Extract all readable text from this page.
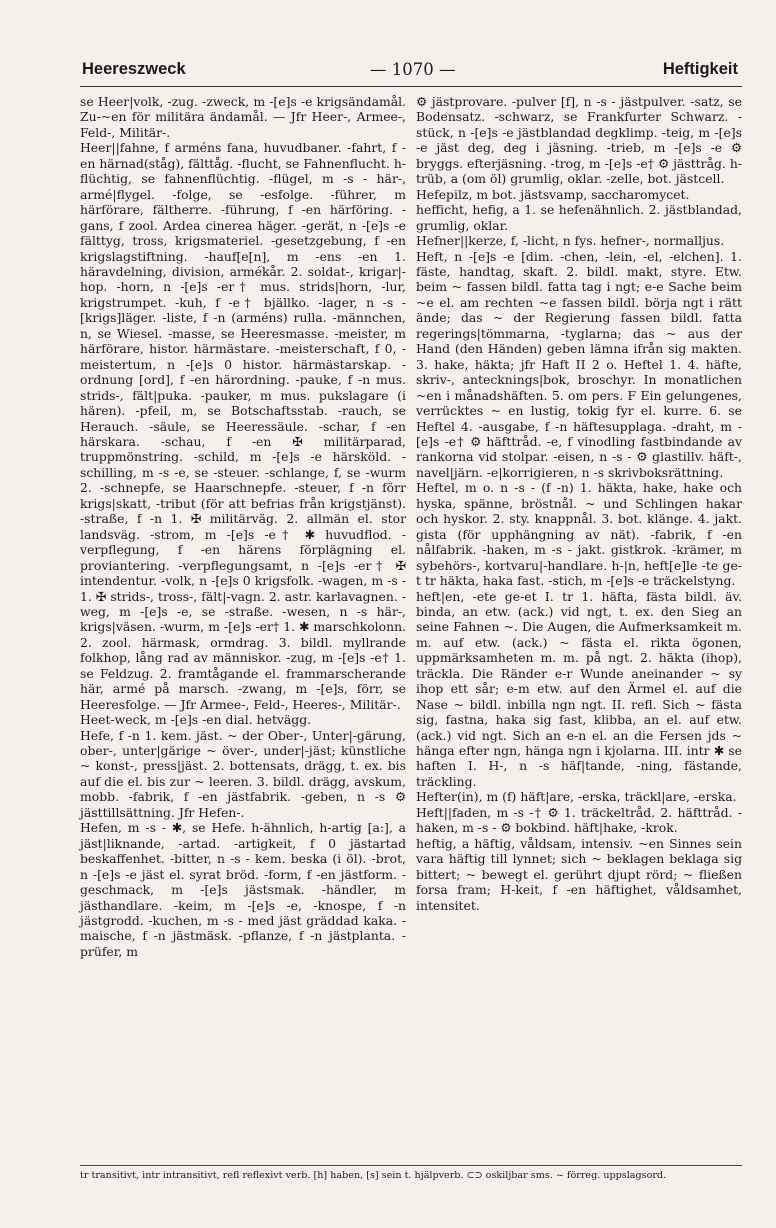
Heereszweck	— 1070 —	Heftigkeit

se Heer|volk, -zug. -zweck, m -[e]s -e krigsändamål. Zu-~en för militära ändamål. — Jfr Heer-, Armee-, Feld-, Militär-.

Heer||fahne, f arméns fana, huvudbaner. -fahrt, f -en härnad(ståg), fälttåg. -flucht, se Fahnenflucht. h-flüchtig, se fahnenflüchtig. -flügel, m -s - här-, armé|flygel. -folge, se -esfolge. -führer, m härförare, fältherre. -führung, f -en härföring. -gans, f zool. Ardea cinerea häger. -gerät, n -[e]s -e fälttyg, tross, krigsmateriel. -gesetzgebung, f -en krigslagstiftning. -hauf[e[n], m -ens -en 1. häravdelning, division, armékår. 2. soldat-, krigar|-hop. -horn, n -[e]s -er† mus. strids|horn, -lur, krigstrumpet. -kuh, f -e† bjällko. -lager, n -s - [krigs]läger. -liste, f -n (arméns) rulla. -männchen, n, se Wiesel. -masse, se Heeresmasse. -meister, m härförare, histor. härmästare. -meisterschaft, f 0, -meistertum, n -[e]s 0 histor. härmästarskap. -ordnung [ord], f -en härordning. -pauke, f -n mus. strids-, fält|puka. -pauker, m mus. pukslagare (i hären). -pfeil, m, se Botschaftsstab. -rauch, se Herauch. -säule, se Heeressäule. -schar, f -en härskara. -schau, f -en ✠ militärparad, truppmönstring. -schild, m -[e]s -e härsköld. -schilling, m -s -e, se -steuer. -schlange, f, se -wurm 2. -schnepfe, se Haarschnepfe. -steuer, f -n förr krigs|skatt, -tribut (för att befrias från krigstjänst). -straße, f -n 1. ✠ militärväg. 2. allmän el. stor landsväg. -strom, m -[e]s -e† ✱ huvudflod. -verpflegung, f -en härens förplägning el. proviantering. -verpflegungsamt, n -[e]s -er† ✠ intendentur. -volk, n -[e]s 0 krigsfolk. -wagen, m -s - 1. ✠ strids-, tross-, fält|-vagn. 2. astr. karlavagnen. -weg, m -[e]s -e, se -straße. -wesen, n -s här-, krigs|väsen. -wurm, m -[e]s -er† 1. ✱ marschkolonn. 2. zool. härmask, ormdrag. 3. bildl. myllrande folkhop, lång rad av människor. -zug, m -[e]s -e† 1. se Feldzug. 2. framtågande el. frammarscherande här, armé på marsch. -zwang, m -[e]s, förr, se Heeresfolge. — Jfr Armee-, Feld-, Heeres-, Militär-.

Heet-weck, m -[e]s -en dial. hetvägg.

Hefe, f -n 1. kem. jäst. ~ der Ober-, Unter|-gärung, ober-, unter|gärige ~ över-, under|-jäst; künstliche ~ konst-, press|jäst. 2. bottensats, drägg, t. ex. bis auf die el. bis zur ~ leeren. 3. bildl. drägg, avskum, mobb. -fabrik, f -en jästfabrik. -geben, n -s ⚙ jästtillsättning. Jfr Hefen-.

Hefen, m -s - ✱, se Hefe. h-ähnlich, h-artig [a:], a jäst|liknande, -artad. -artigkeit, f 0 jästartad beskaffenhet. -bitter, n -s - kem. beska (i öl). -brot, n -[e]s -e jäst el. syrat bröd. -form, f -en jästform. -geschmack, m -[e]s jästsmak. -händler, m jästhandlare. -keim, m -[e]s -e, -knospe, f -n jästgrodd. -kuchen, m -s - med jäst gräddad kaka. -maische, f -n jästmäsk. -pflanze, f -n jästplanta. -prüfer, m

⚙ jästprovare. -pulver [f], n -s - jästpulver. -satz, se Bodensatz. -schwarz, se Frankfurter Schwarz. -stück, n -[e]s -e jästblandad degklimp. -teig, m -[e]s -e jäst deg, deg i jäsning. -trieb, m -[e]s -e ⚙ bryggs. efterjäsning. -trog, m -[e]s -e† ⚙ jästtråg. h-trüb, a (om öl) grumlig, oklar. -zelle, bot. jästcell.

Hefepilz, m bot. jästsvamp, saccharomycet.

hefficht, hefig, a 1. se hefenähnlich. 2. jästblandad, grumlig, oklar.

Hefner||kerze, f, -licht, n fys. hefner-, normalljus.

Heft, n -[e]s -e [dim. -chen, -lein, -el, -elchen]. 1. fäste, handtag, skaft. 2. bildl. makt, styre. Etw. beim ~ fassen bildl. fatta tag i ngt; e-e Sache beim ~e el. am rechten ~e fassen bildl. börja ngt i rätt ände; das ~ der Regierung fassen bildl. fatta regerings|tömmarna, -tyglarna; das ~ aus der Hand (den Händen) geben lämna ifrån sig makten. 3. hake, häkta; jfr Haft II 2 o. Heftel 1. 4. häfte, skriv-, antecknings|bok, broschyr. In monatlichen ~en i månadshäften. 5. om pers. F Ein gelungenes, verrücktes ~ en lustig, tokig fyr el. kurre. 6. se Heftel 4. -ausgabe, f -n häftesupplaga. -draht, m -[e]s -e† ⚙ häfttråd. -e, f vinodling fastbindande av rankorna vid stolpar. -eisen, n -s - ⚙ glastillv. häft-, navel|järn. -e|korrigieren, n -s skrivboksrättning.

Heftel, m o. n -s - (f -n) 1. häkta, hake, hake och hyska, spänne, bröstnål. ~ und Schlingen hakar och hyskor. 2. sty. knappnål. 3. bot. klänge. 4. jakt. gista (för upphängning av nät). -fabrik, f -en nålfabrik. -haken, m -s - jakt. gistkrok. -krämer, m sybehörs-, kortvaru|-handlare. h-|n, heft[e]le -te ge-t tr häkta, haka fast. -stich, m -[e]s -e träckelstyng.

heft|en, -ete ge-et I. tr 1. häfta, fästa bildl. äv. binda, an etw. (ack.) vid ngt, t. ex. den Sieg an seine Fahnen ~. Die Augen, die Aufmerksamkeit m. m. auf etw. (ack.) ~ fästa el. rikta ögonen, uppmärksamheten m. m. på ngt. 2. häkta (ihop), träckla. Die Ränder e-r Wunde aneinander ~ sy ihop ett sår; e-m etw. auf den Ärmel el. auf die Nase ~ bildl. inbilla ngn ngt. II. refl. Sich ~ fästa sig, fastna, haka sig fast, klibba, an el. auf etw. (ack.) vid ngt. Sich an e-n el. an die Fersen jds ~ hänga efter ngn, hänga ngn i kjolarna. III. intr ✱ se haften I. H-, n -s häf|tande, -ning, fästande, träckling.

Hefter(in), m (f) häft|are, -erska, träckl|are, -erska.

Heft||faden, m -s -† ⚙ 1. träckeltråd. 2. häfttråd. -haken, m -s - ⚙ bokbind. häft|hake, -krok.

heftig, a häftig, våldsam, intensiv. ~en Sinnes sein vara häftig till lynnet; sich ~ beklagen beklaga sig bittert; ~ bewegt el. gerührt djupt rörd; ~ fließen forsa fram; H-keit, f -en häftighet, våldsamhet, intensitet.

tr transitivt, intr intransitivt, refl reflexivt verb. [h] haben, [s] sein t. hjälpverb. ⊂⊃ oskiljbar sms. ~ förreg. uppslagsord.
